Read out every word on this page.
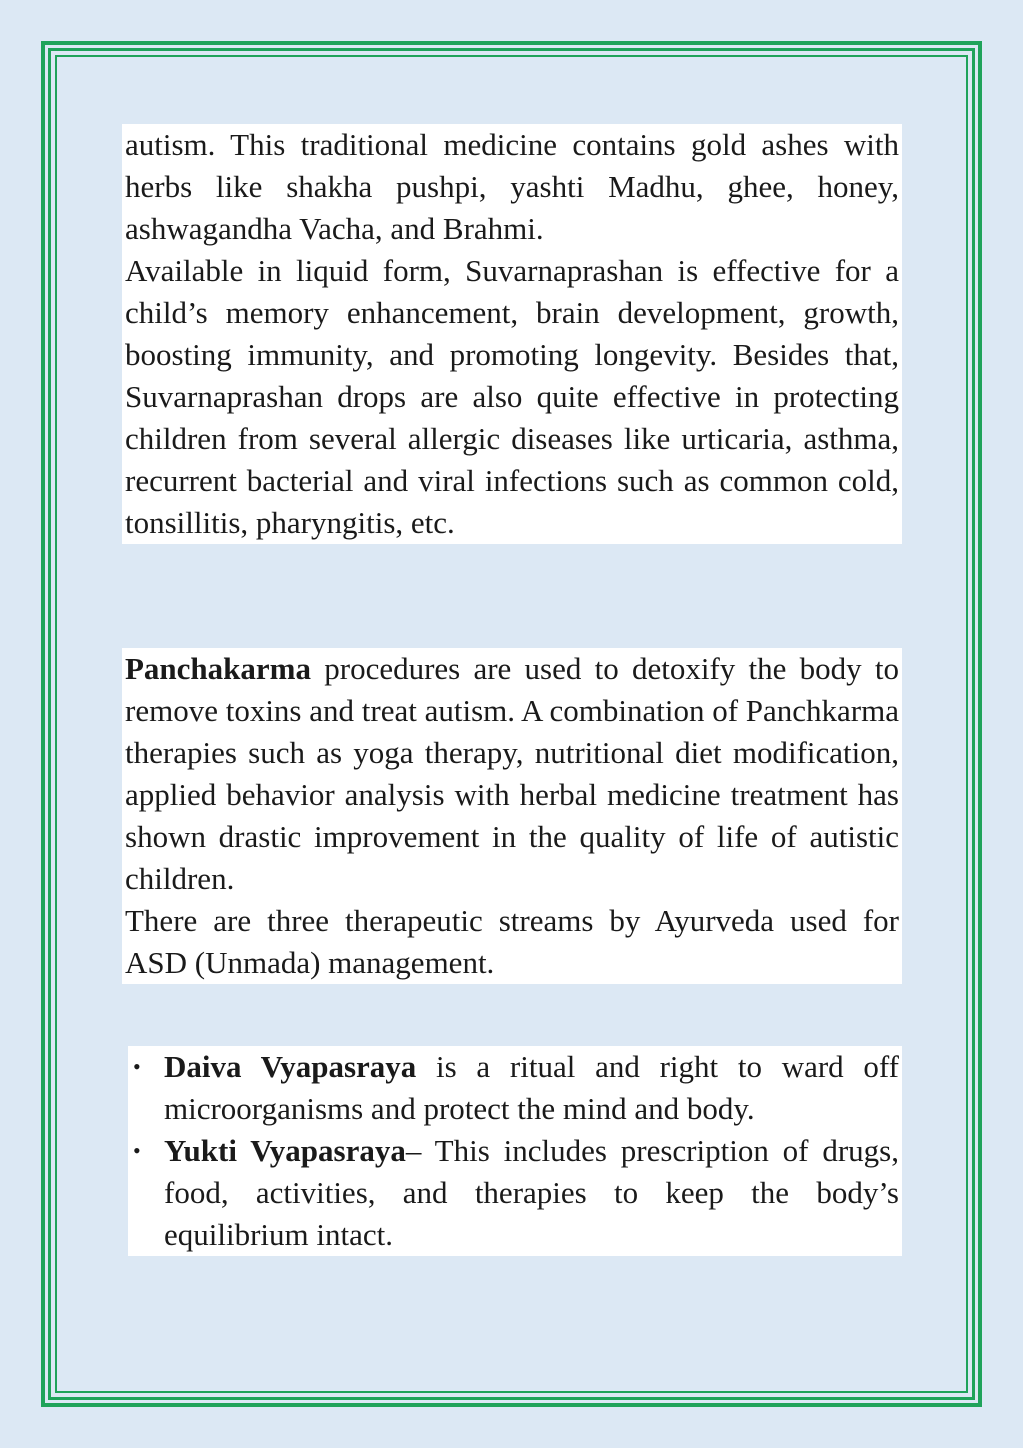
autism. This traditional medicine contains gold ashes with herbs like shakha pushpi, yashti Madhu, ghee, honey, ashwagandha Vacha, and Brahmi.

Available in liquid form, Suvarnaprashan is effective for a child’s memory enhancement, brain development, growth, boosting immunity, and promoting longevity. Besides that, Suvarnaprashan drops are also quite effective in protecting children from several allergic diseases like urticaria, asthma, recurrent bacterial and viral infections such as common cold, tonsillitis, pharyngitis, etc.

Panchakarma procedures are used to detoxify the body to remove toxins and treat autism. A combination of Panchkarma therapies such as yoga therapy, nutritional diet modification, applied behavior analysis with herbal medicine treatment has shown drastic improvement in the quality of life of autistic children.

There are three therapeutic streams by Ayurveda used for ASD (Unmada) management.

• Daiva Vyapasraya is a ritual and right to ward off microorganisms and protect the mind and body.
• Yukti Vyapasraya– This includes prescription of drugs, food, activities, and therapies to keep the body’s equilibrium intact.
